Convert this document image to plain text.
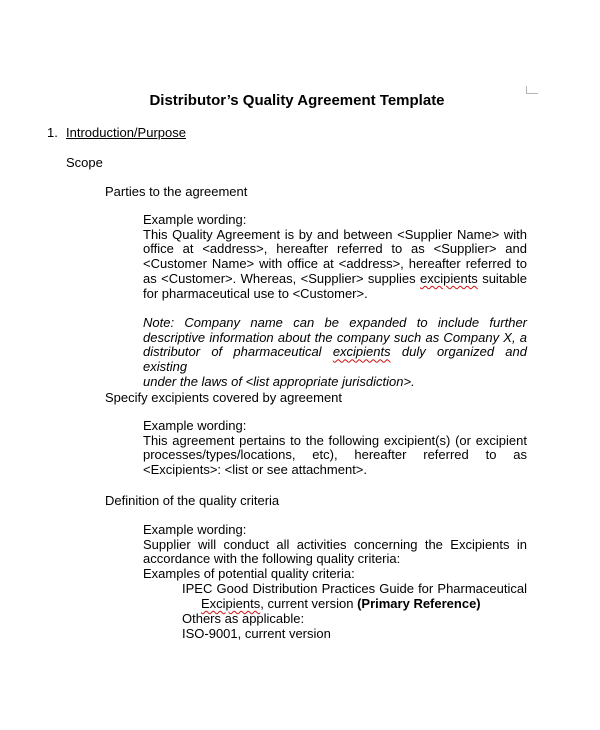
Distributor’s Quality Agreement Template
1. Introduction/Purpose
Scope
Parties to the agreement
Example wording:
This Quality Agreement is by and between <Supplier Name> with
office at <address>, hereafter referred to as <Supplier> and
<Customer Name> with office at <address>, hereafter referred to
as <Customer>. Whereas, <Supplier> supplies excipients suitable
for pharmaceutical use to <Customer>.
Note: Company name can be expanded to include further
descriptive information about the company such as Company X, a
distributor of pharmaceutical excipients duly organized and existing
under the laws of <list appropriate jurisdiction>.
Specify excipients covered by agreement
Example wording:
This agreement pertains to the following excipient(s) (or excipient
processes/types/locations, etc), hereafter referred to as
<Excipients>: <list or see attachment>.
Definition of the quality criteria
Example wording:
Supplier will conduct all activities concerning the Excipients in
accordance with the following quality criteria:
Examples of potential quality criteria:
IPEC Good Distribution Practices Guide for Pharmaceutical
Excipients, current version (Primary Reference)
Others as applicable:
ISO-9001, current version
